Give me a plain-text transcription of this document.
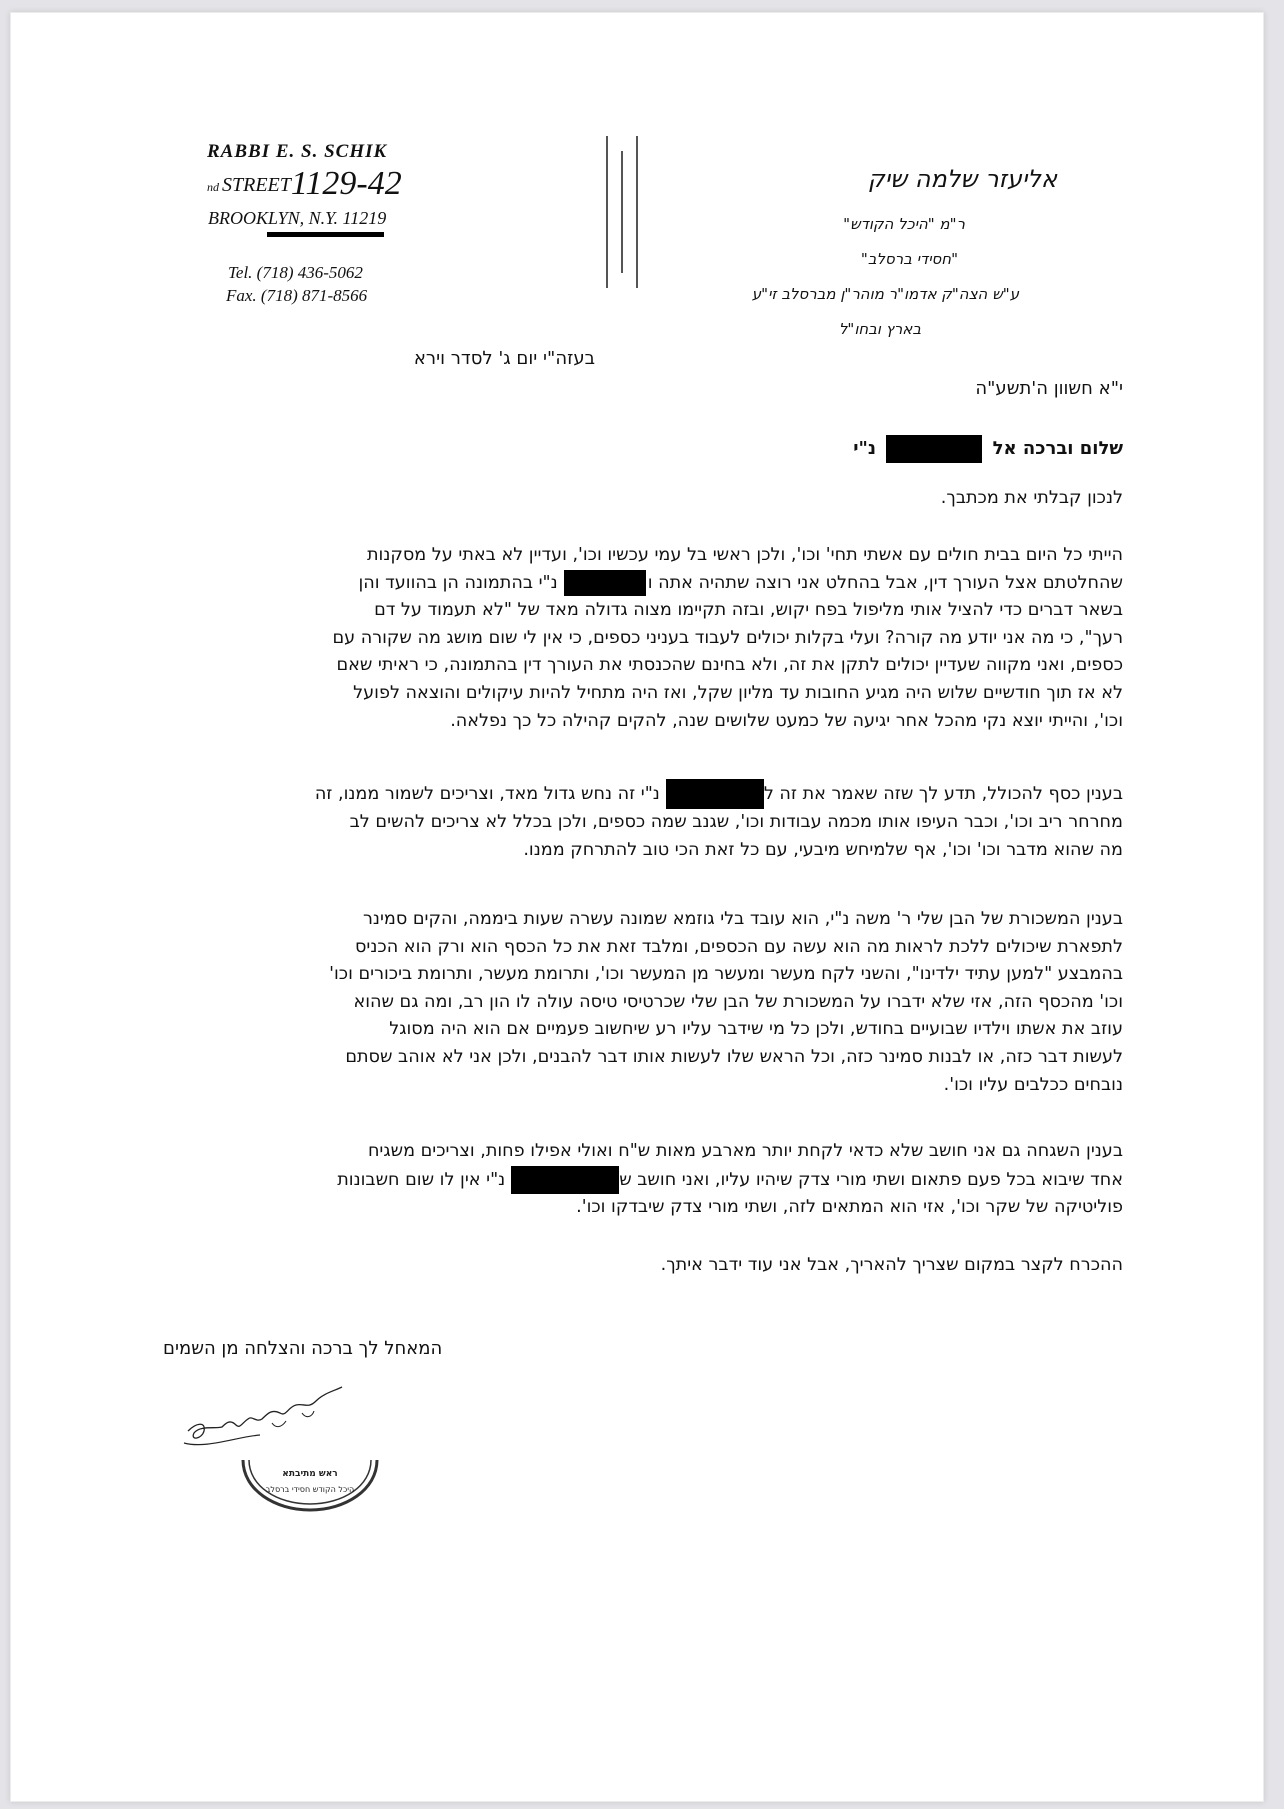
RABBI E. S. SCHIK
nd STREET1129-42
BROOKLYN, N.Y. 11219
Tel. (718) 436-5062
Fax. (718) 871-8566
אליעזר שלמה שיק
ר"מ "היכל הקודש"
"חסידי ברסלב"
ע"ש הצה"ק אדמו"ר מוהר"ן מברסלב זי"ע
בארץ ובחו"ל
בעזה"י יום ג' לסדר וירא
י"א חשוון ה'תשע"ה
שלום וברכה אל  נ"י
לנכון קבלתי את מכתבך.
הייתי כל היום בבית חולים עם אשתי תחי' וכו', ולכן ראשי בל עמי עכשיו וכו', ועדיין לא באתי על מסקנות
שהחלטתם אצל העורך דין, אבל בהחלט אני רוצה שתהיה אתה ונ"י בהתמונה הן בהוועד והן
בשאר דברים כדי להציל אותי מליפול בפח יקוש, ובזה תקיימו מצוה גדולה מאד של "לא תעמוד על דם
רעך", כי מה אני יודע מה קורה? ועלי בקלות יכולים לעבוד בעניני כספים, כי אין לי שום מושג מה שקורה עם
כספים, ואני מקווה שעדיין יכולים לתקן את זה, ולא בחינם שהכנסתי את העורך דין בהתמונה, כי ראיתי שאם
לא אז תוך חודשיים שלוש היה מגיע החובות עד מליון שקל, ואז היה מתחיל להיות עיקולים והוצאה לפועל
וכו', והייתי יוצא נקי מהכל אחר יגיעה של כמעט שלושים שנה, להקים קהילה כל כך נפלאה.
בענין כסף להכולל, תדע לך שזה שאמר את זה לנ"י זה נחש גדול מאד, וצריכים לשמור ממנו, זה
מחרחר ריב וכו', וכבר העיפו אותו מכמה עבודות וכו', שגנב שמה כספים, ולכן בכלל לא צריכים להשים לב
מה שהוא מדבר וכו' וכו', אף שלמיחש מיבעי, עם כל זאת הכי טוב להתרחק ממנו.
בענין המשכורת של הבן שלי ר' משה נ"י, הוא עובד בלי גוזמא שמונה עשרה שעות ביממה, והקים סמינר
לתפארת שיכולים ללכת לראות מה הוא עשה עם הכספים, ומלבד זאת את כל הכסף הוא ורק הוא הכניס
בהמבצע "למען עתיד ילדינו", והשני לקח מעשר ומעשר מן המעשר וכו', ותרומת מעשר, ותרומת ביכורים וכו'
וכו' מהכסף הזה, אזי שלא ידברו על המשכורת של הבן שלי שכרטיסי טיסה עולה לו הון רב, ומה גם שהוא
עוזב את אשתו וילדיו שבועיים בחודש, ולכן כל מי שידבר עליו רע שיחשוב פעמיים אם הוא היה מסוגל
לעשות דבר כזה, או לבנות סמינר כזה, וכל הראש שלו לעשות אותו דבר להבנים, ולכן אני לא אוהב שסתם
נובחים ככלבים עליו וכו'.
בענין השגחה גם אני חושב שלא כדאי לקחת יותר מארבע מאות ש"ח ואולי אפילו פחות, וצריכים משגיח
אחד שיבוא בכל פעם פתאום ושתי מורי צדק שיהיו עליו, ואני חושב שנ"י אין לו שום חשבונות
פוליטיקה של שקר וכו', אזי הוא המתאים לזה, ושתי מורי צדק שיבדקו וכו'.
ההכרח לקצר במקום שצריך להאריך, אבל אני עוד ידבר איתך.
המאחל לך ברכה והצלחה מן השמים
ראש מתיבתא
היכל הקודש חסידי ברסלב
